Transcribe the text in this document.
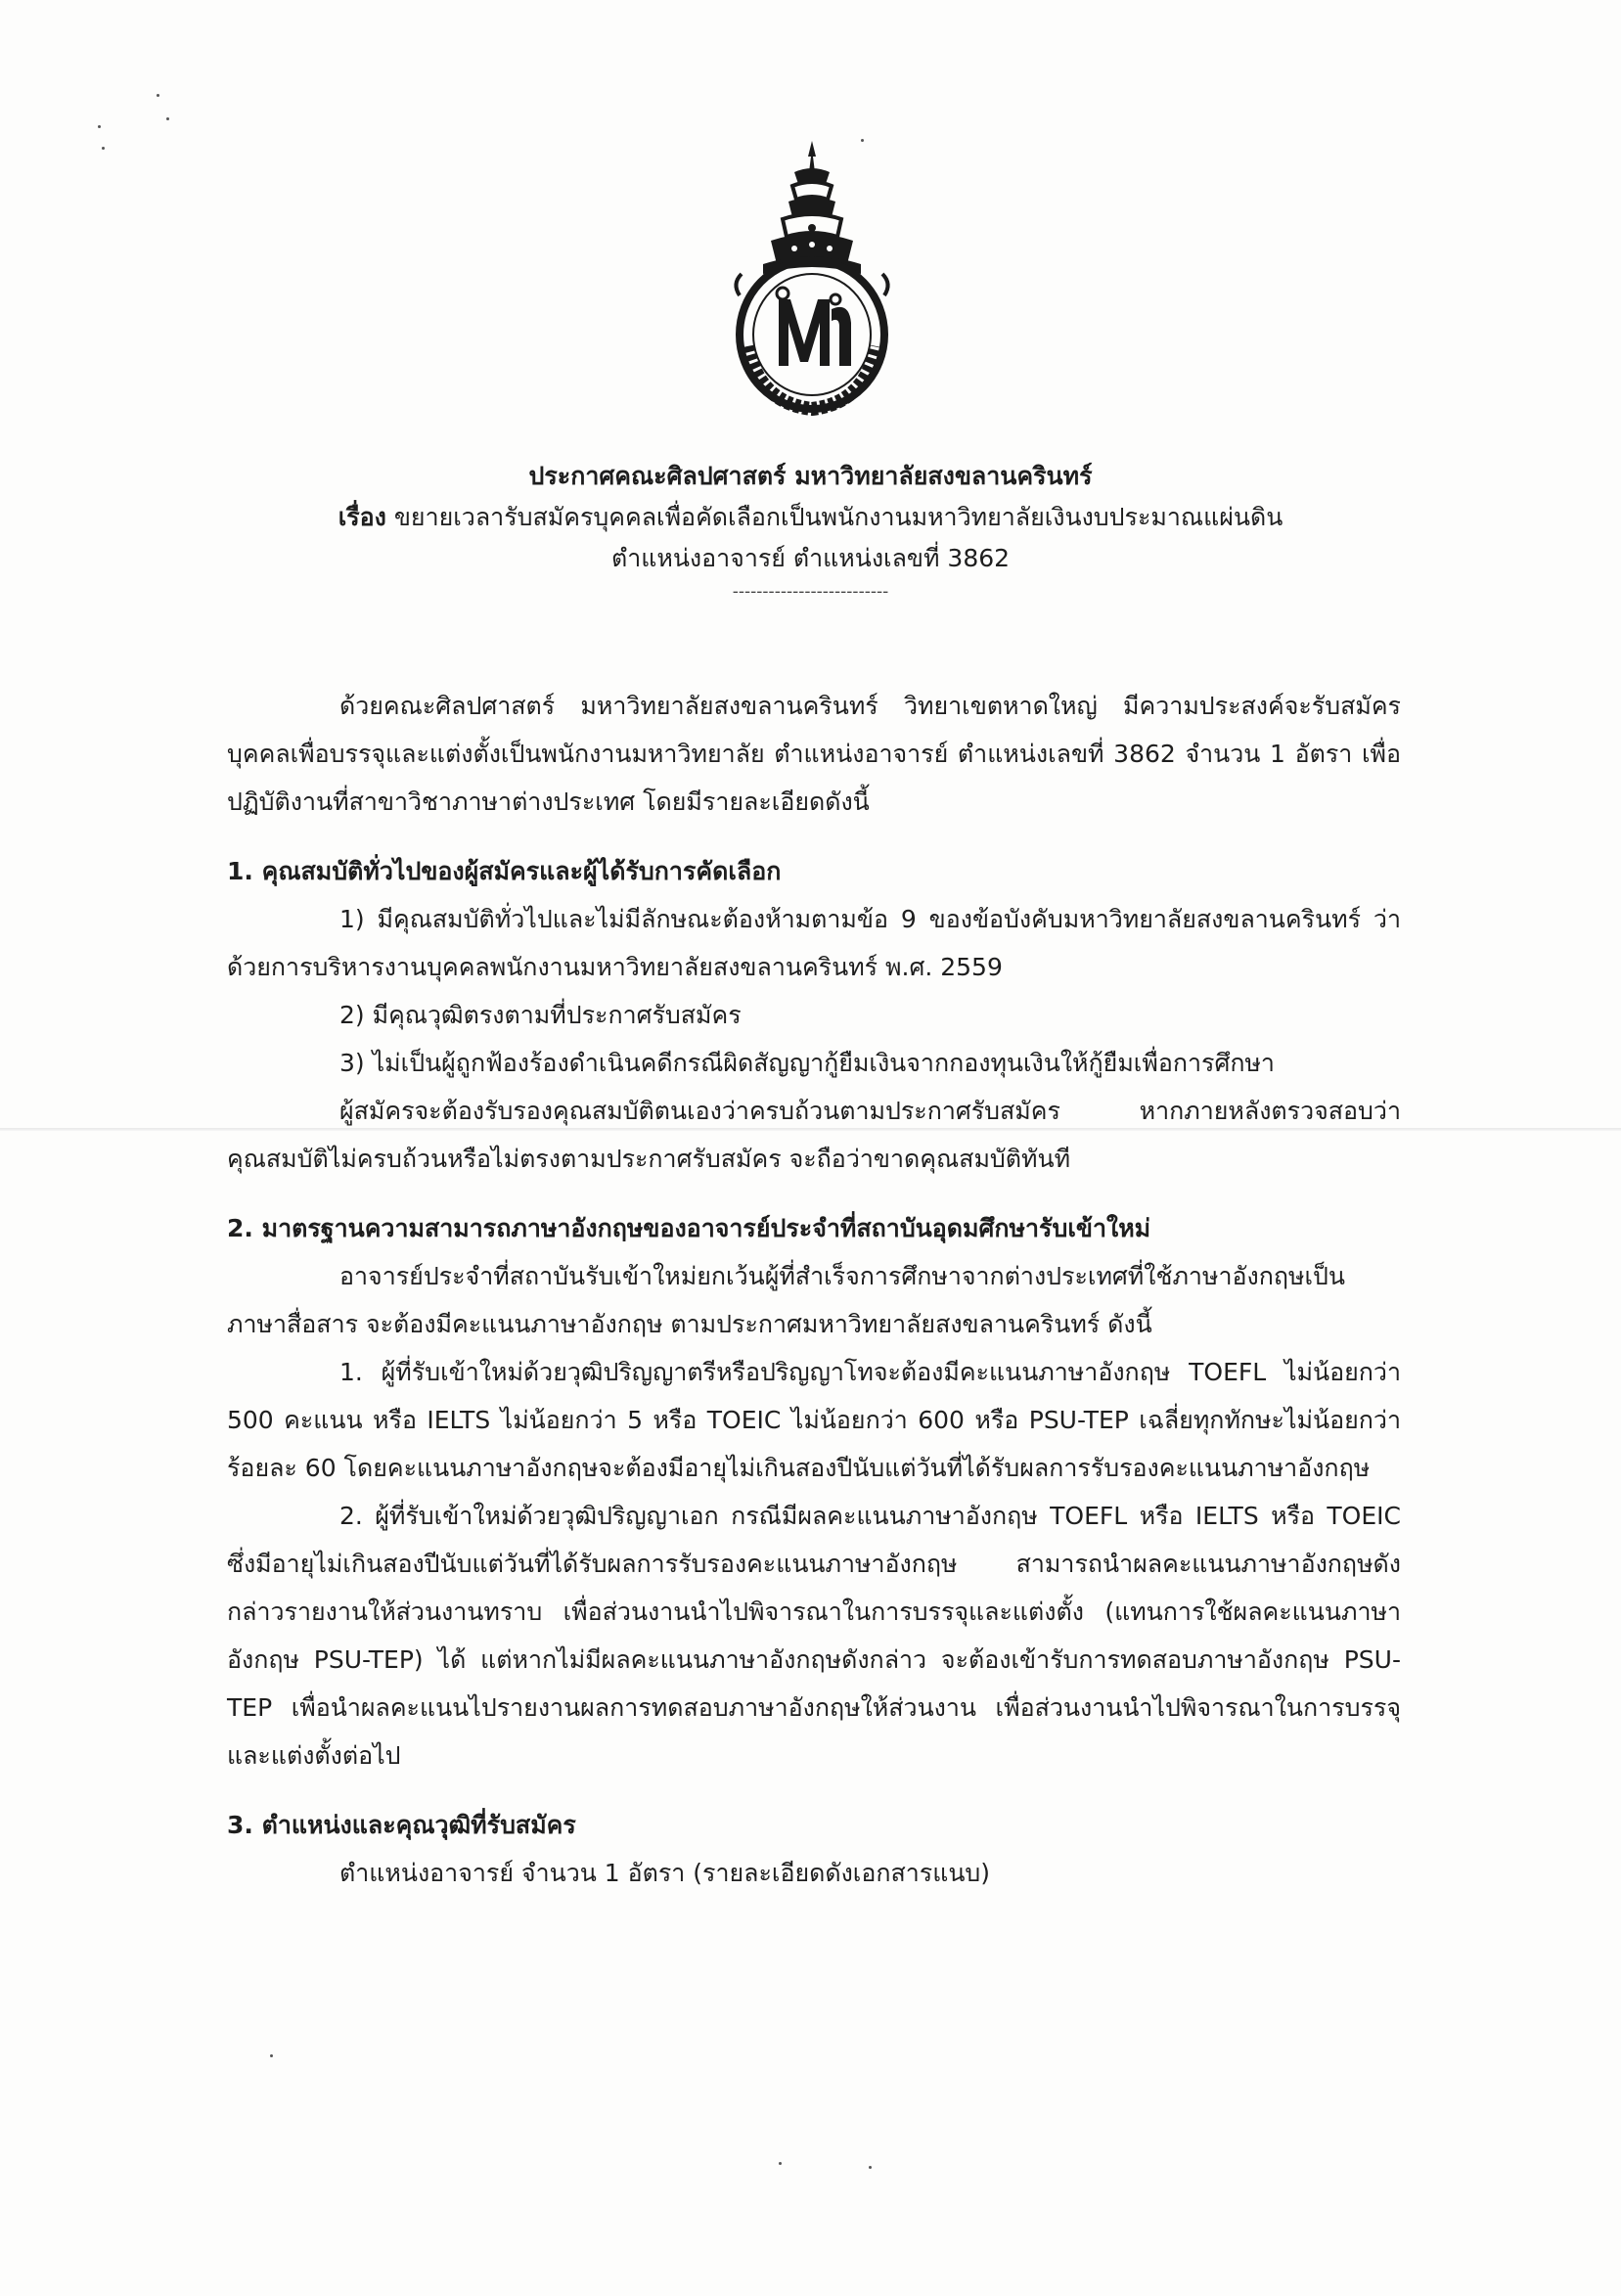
ประกาศคณะศิลปศาสตร์ มหาวิทยาลัยสงขลานครินทร์
เรื่อง ขยายเวลารับสมัครบุคคลเพื่อคัดเลือกเป็นพนักงานมหาวิทยาลัยเงินงบประมาณแผ่นดิน
ตำแหน่งอาจารย์ ตำแหน่งเลขที่ 3862
--------------------------

ด้วยคณะศิลปศาสตร์ มหาวิทยาลัยสงขลานครินทร์ วิทยาเขตหาดใหญ่ มีความประสงค์จะรับสมัครบุคคลเพื่อบรรจุและแต่งตั้งเป็นพนักงานมหาวิทยาลัย ตำแหน่งอาจารย์ ตำแหน่งเลขที่ 3862 จำนวน 1 อัตรา เพื่อปฏิบัติงานที่สาขาวิชาภาษาต่างประเทศ โดยมีรายละเอียดดังนี้

1. คุณสมบัติทั่วไปของผู้สมัครและผู้ได้รับการคัดเลือก

1) มีคุณสมบัติทั่วไปและไม่มีลักษณะต้องห้ามตามข้อ 9 ของข้อบังคับมหาวิทยาลัยสงขลานครินทร์ ว่าด้วยการบริหารงานบุคคลพนักงานมหาวิทยาลัยสงขลานครินทร์ พ.ศ. 2559

2) มีคุณวุฒิตรงตามที่ประกาศรับสมัคร

3) ไม่เป็นผู้ถูกฟ้องร้องดำเนินคดีกรณีผิดสัญญากู้ยืมเงินจากกองทุนเงินให้กู้ยืมเพื่อการศึกษา

ผู้สมัครจะต้องรับรองคุณสมบัติตนเองว่าครบถ้วนตามประกาศรับสมัคร หากภายหลังตรวจสอบว่าคุณสมบัติไม่ครบถ้วนหรือไม่ตรงตามประกาศรับสมัคร จะถือว่าขาดคุณสมบัติทันที

2. มาตรฐานความสามารถภาษาอังกฤษของอาจารย์ประจำที่สถาบันอุดมศึกษารับเข้าใหม่

อาจารย์ประจำที่สถาบันรับเข้าใหม่ยกเว้นผู้ที่สำเร็จการศึกษาจากต่างประเทศที่ใช้ภาษาอังกฤษเป็นภาษาสื่อสาร จะต้องมีคะแนนภาษาอังกฤษ ตามประกาศมหาวิทยาลัยสงขลานครินทร์ ดังนี้

1. ผู้ที่รับเข้าใหม่ด้วยวุฒิปริญญาตรีหรือปริญญาโทจะต้องมีคะแนนภาษาอังกฤษ TOEFL ไม่น้อยกว่า 500 คะแนน หรือ IELTS ไม่น้อยกว่า 5 หรือ TOEIC ไม่น้อยกว่า 600 หรือ PSU-TEP เฉลี่ยทุกทักษะไม่น้อยกว่าร้อยละ 60 โดยคะแนนภาษาอังกฤษจะต้องมีอายุไม่เกินสองปีนับแต่วันที่ได้รับผลการรับรองคะแนนภาษาอังกฤษ

2. ผู้ที่รับเข้าใหม่ด้วยวุฒิปริญญาเอก กรณีมีผลคะแนนภาษาอังกฤษ TOEFL หรือ IELTS หรือ TOEIC ซึ่งมีอายุไม่เกินสองปีนับแต่วันที่ได้รับผลการรับรองคะแนนภาษาอังกฤษ สามารถนำผลคะแนนภาษาอังกฤษดังกล่าวรายงานให้ส่วนงานทราบ เพื่อส่วนงานนำไปพิจารณาในการบรรจุและแต่งตั้ง (แทนการใช้ผลคะแนนภาษาอังกฤษ PSU-TEP) ได้ แต่หากไม่มีผลคะแนนภาษาอังกฤษดังกล่าว จะต้องเข้ารับการทดสอบภาษาอังกฤษ PSU-TEP เพื่อนำผลคะแนนไปรายงานผลการทดสอบภาษาอังกฤษให้ส่วนงาน เพื่อส่วนงานนำไปพิจารณาในการบรรจุและแต่งตั้งต่อไป

3. ตำแหน่งและคุณวุฒิที่รับสมัคร

ตำแหน่งอาจารย์ จำนวน 1 อัตรา (รายละเอียดดังเอกสารแนบ)
